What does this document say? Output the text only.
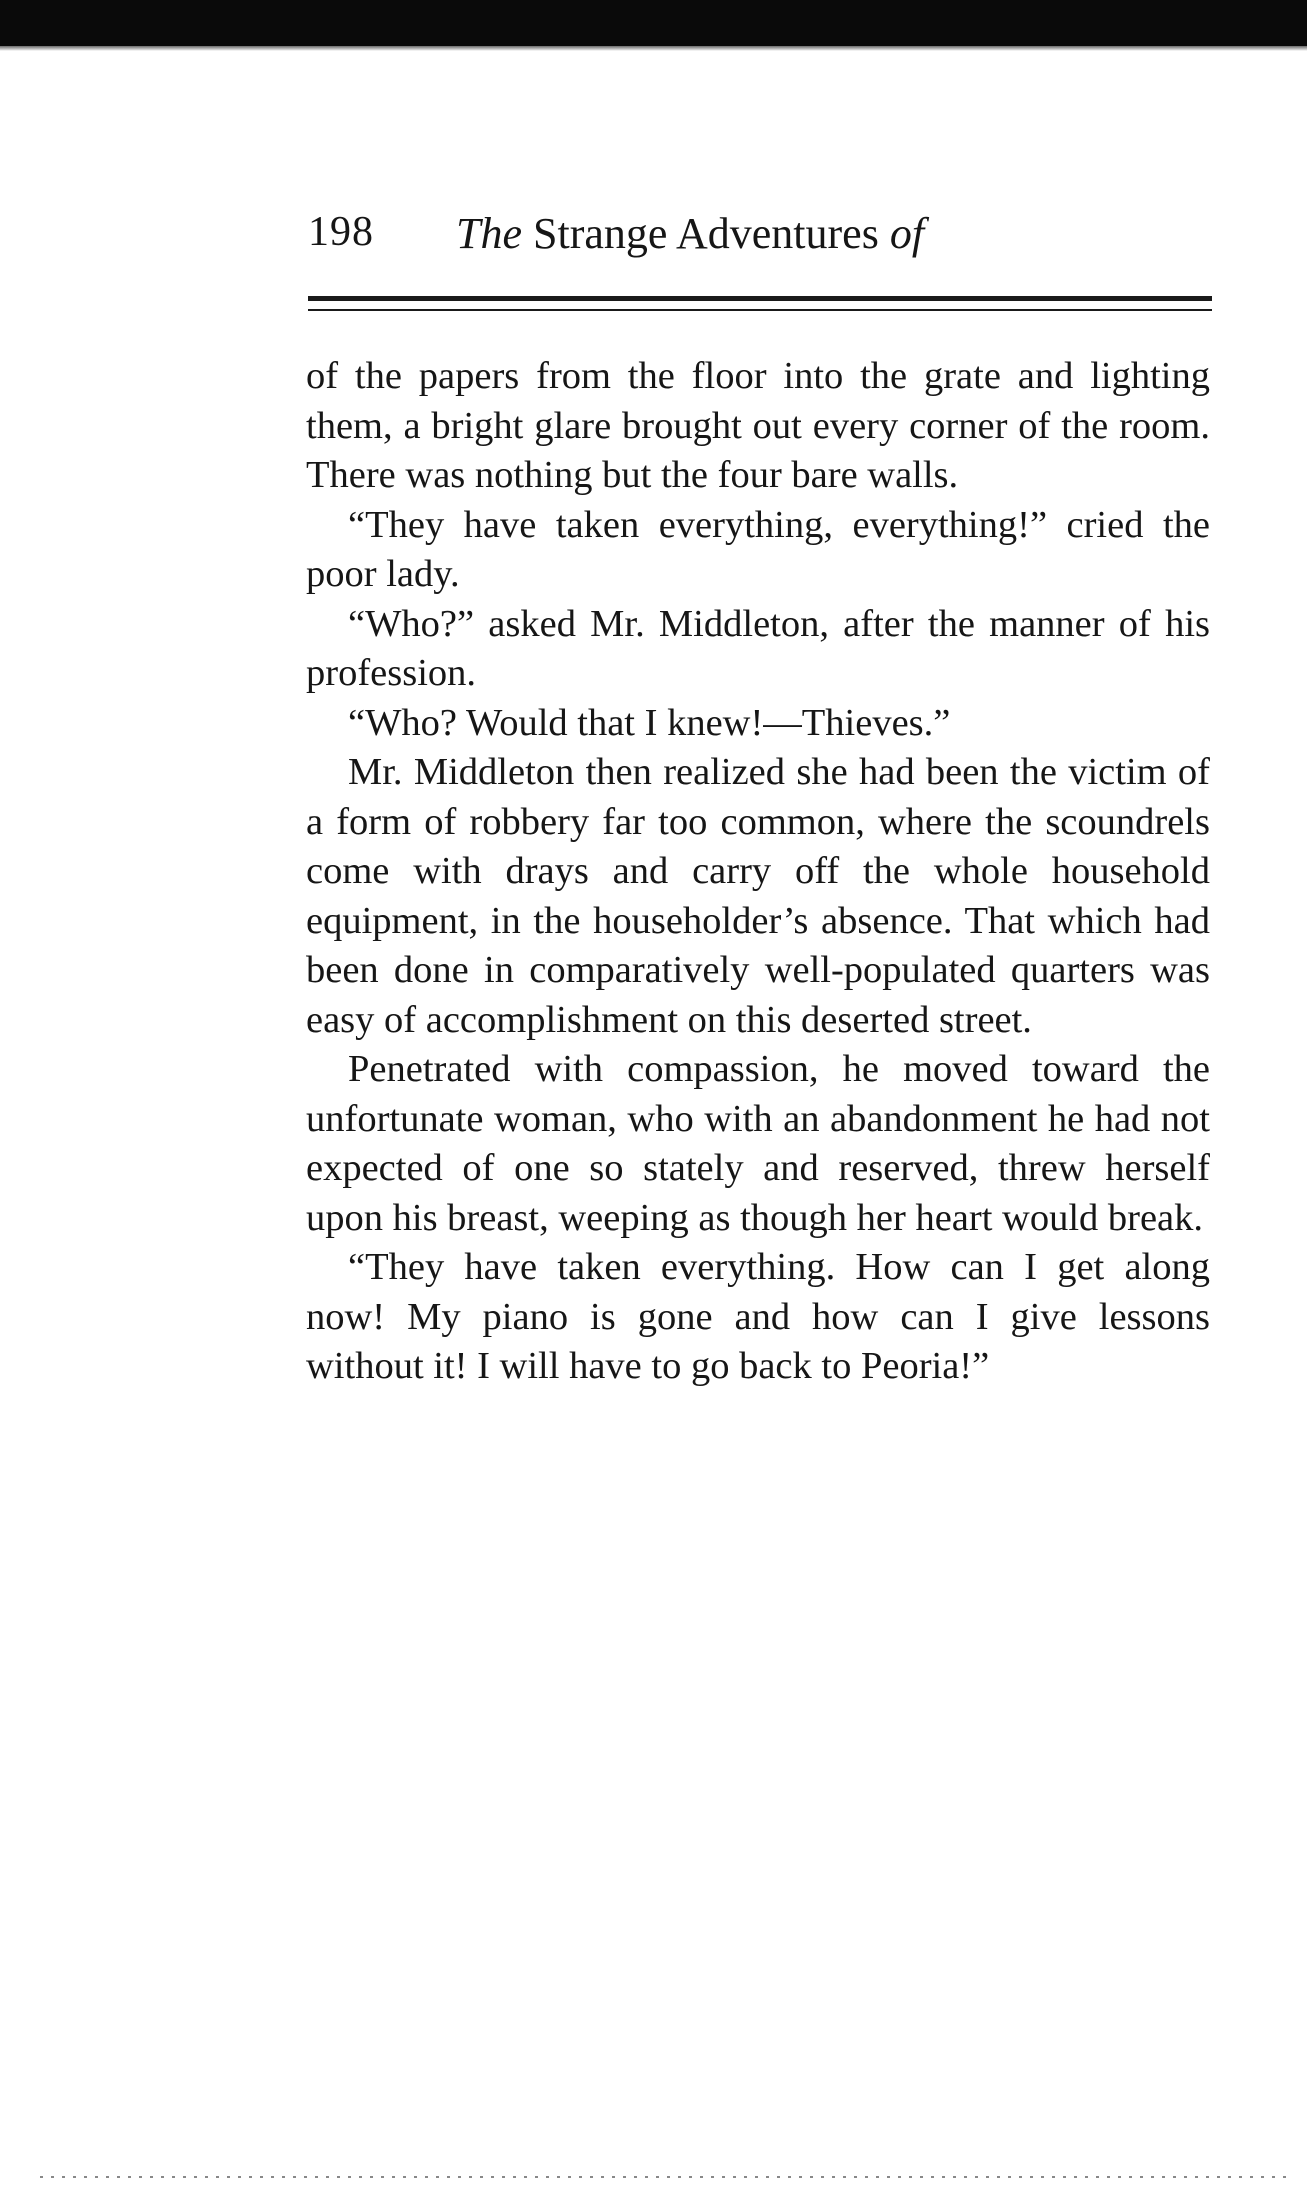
198 The Strange Adventures of

of the papers from the floor into the grate and lighting them, a bright glare brought out every corner of the room. There was nothing but the four bare walls.

“They have taken everything, everything!” cried the poor lady.

“Who?” asked Mr. Middleton, after the manner of his profession.

“Who? Would that I knew!—Thieves.”

Mr. Middleton then realized she had been the victim of a form of robbery far too common, where the scoundrels come with drays and carry off the whole household equipment, in the householder’s absence. That which had been done in comparatively well-populated quarters was easy of accomplishment on this deserted street.

Penetrated with compassion, he moved toward the unfortunate woman, who with an abandonment he had not expected of one so stately and reserved, threw herself upon his breast, weeping as though her heart would break.

“They have taken everything. How can I get along now! My piano is gone and how can I give lessons without it! I will have to go back to Peoria!”
